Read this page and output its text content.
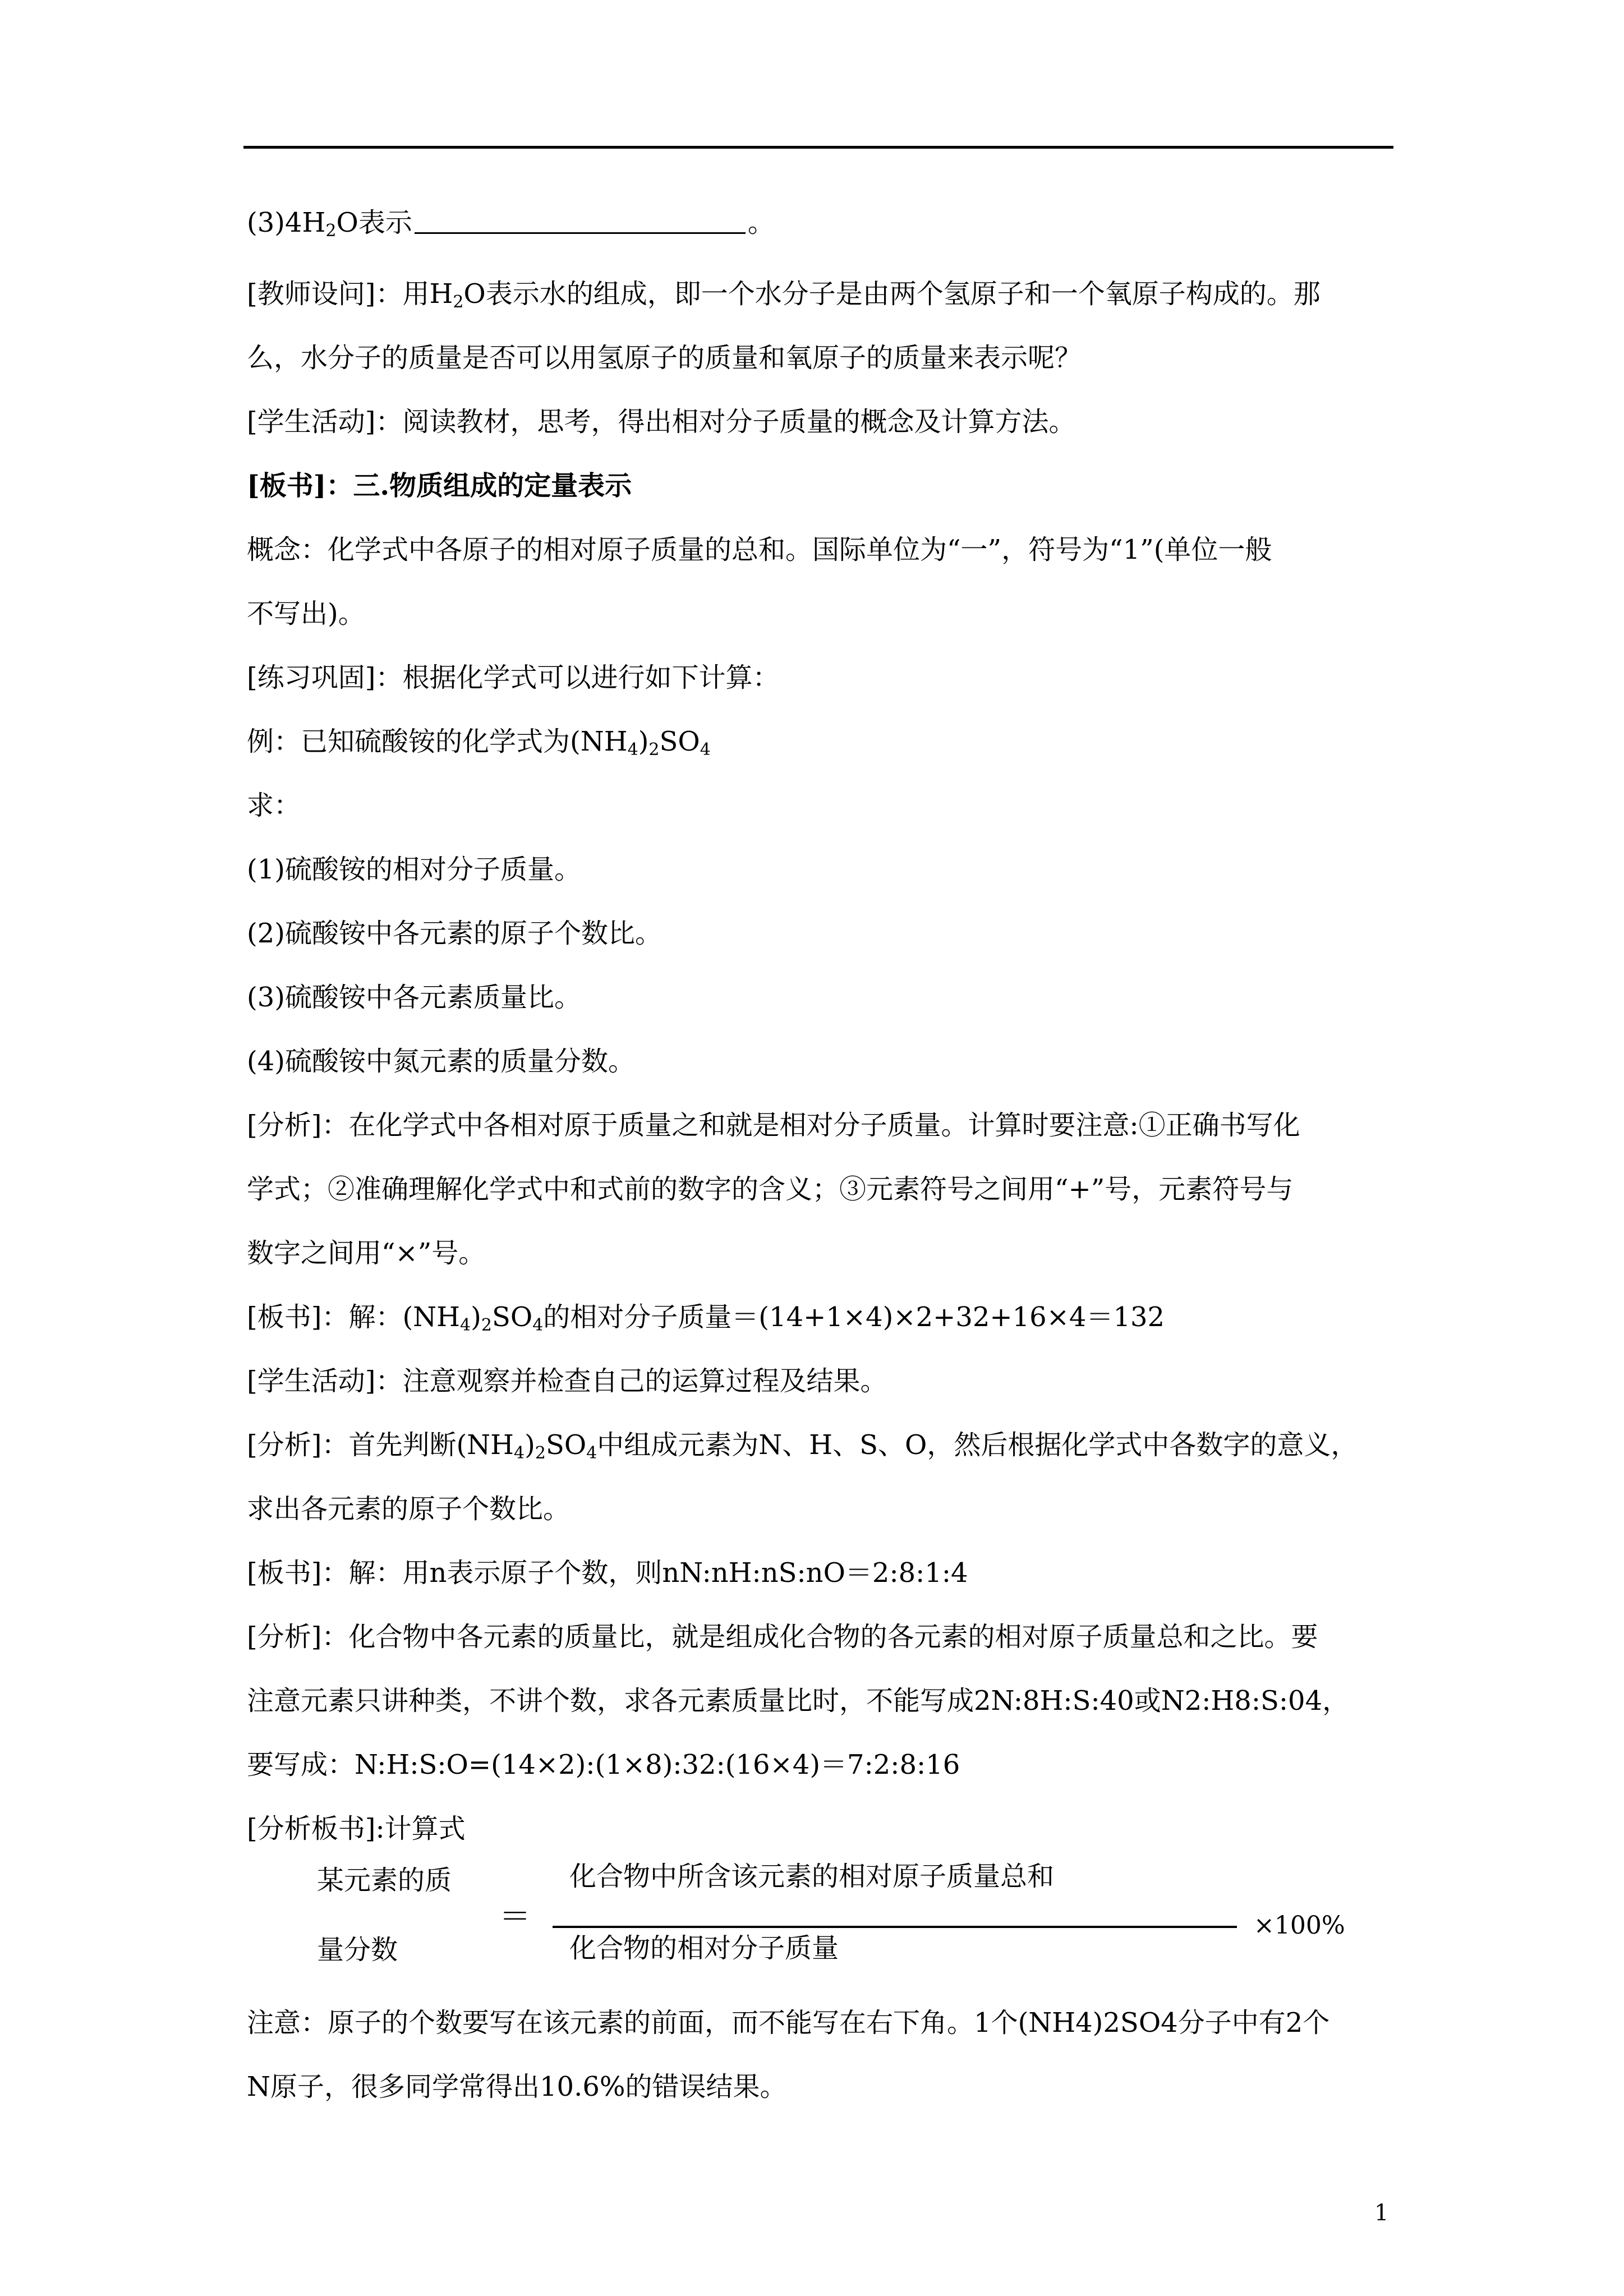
$(3)4H_2O$表示	。
[教师设问]：用$H_2O$表示水的组成，即一个水分子是由两个氢原子和一个氧原子构成的。那
么，水分子的质量是否可以用氢原子的质量和氧原子的质量来表示呢？
[学生活动]：阅读教材，思考，得出相对分子质量的概念及计算方法。
[板书]：三.物质组成的定量表示
概念：化学式中各原子的相对原子质量的总和。国际单位为“一”，符号为“1”(单位一般
不写出)。
[练习巩固]：根据化学式可以进行如下计算：
例：已知硫酸铵的化学式为$(NH_4)_2SO_4$
求：
(1)硫酸铵的相对分子质量。
(2)硫酸铵中各元素的原子个数比。
(3)硫酸铵中各元素质量比。
(4)硫酸铵中氮元素的质量分数。
[分析]：在化学式中各相对原于质量之和就是相对分子质量。计算时要注意:①正确书写化
学式；②准确理解化学式中和式前的数字的含义；③元素符号之间用“+”号，元素符号与
数字之间用“×”号。
[板书]：解：$(NH_4)_2SO_4$的相对分子质量＝(14+1×4)×2+32+16×4＝132
[学生活动]：注意观察并检查自己的运算过程及结果。
[分析]：首先判断$(NH_4)_2SO_4$中组成元素为N、H、S、O，然后根据化学式中各数字的意义，
求出各元素的原子个数比。
[板书]：解：用n表示原子个数，则nN:nH:nS:nO＝2:8:1:4
[分析]：化合物中各元素的质量比，就是组成化合物的各元素的相对原子质量总和之比。要
注意元素只讲种类，不讲个数，求各元素质量比时，不能写成2N:8H:S:40或N2:H8:S:04，
要写成：N:H:S:O=(14×2):(1×8):32:(16×4)＝7:2:8:16
[分析板书]:计算式
某元素的质
量分数
＝
化合物中所含该元素的相对原子质量总和
化合物的相对分子质量
×100%
注意：原子的个数要写在该元素的前面，而不能写在右下角。1个(NH4)2SO4分子中有2个
N原子，很多同学常得出10.6%的错误结果。
1
